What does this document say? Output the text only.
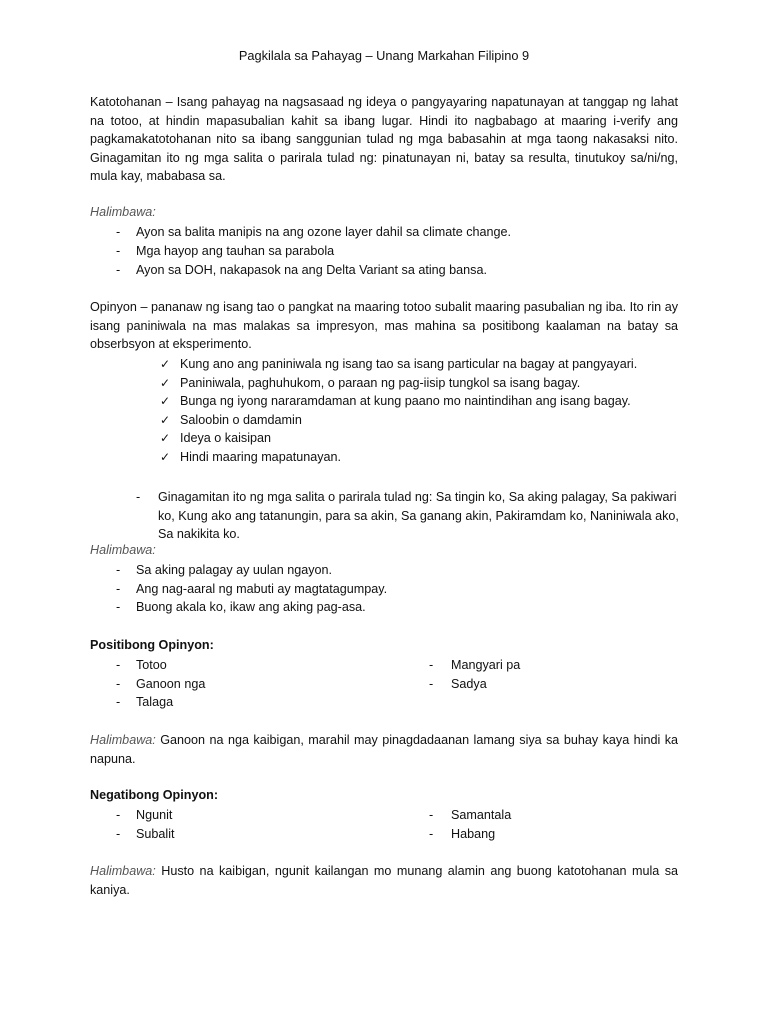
Pagkilala sa Pahayag – Unang Markahan Filipino 9
Katotohanan – Isang pahayag na nagsasaad ng ideya o pangyayaring napatunayan at tanggap ng lahat na totoo, at hindin mapasubalian kahit sa ibang lugar. Hindi ito nagbabago at maaring i-verify ang pagkamakatotohanan nito sa ibang sanggunian tulad ng mga babasahin at mga taong nakasaksi nito. Ginagamitan ito ng mga salita o parirala tulad ng: pinatunayan ni, batay sa resulta, tinutukoy sa/ni/ng, mula kay, mababasa sa.
Halimbawa:
- Ayon sa balita manipis na ang ozone layer dahil sa climate change.
- Mga hayop ang tauhan sa parabola
- Ayon sa DOH, nakapasok na ang Delta Variant sa ating bansa.
Opinyon – pananaw ng isang tao o pangkat na maaring totoo subalit maaring pasubalian ng iba. Ito rin ay isang paniniwala na mas malakas sa impresyon, mas mahina sa positibong kaalaman na batay sa obserbsyon at eksperimento.
✓ Kung ano ang paniniwala ng isang tao sa isang particular na bagay at pangyayari.
✓ Paniniwala, paghuhukom, o paraan ng pag-iisip tungkol sa isang bagay.
✓ Bunga ng iyong nararamdaman at kung paano mo naintindihan ang isang bagay.
✓ Saloobin o damdamin
✓ Ideya o kaisipan
✓ Hindi maaring mapatunayan.
- Ginagamitan ito ng mga salita o parirala tulad ng: Sa tingin ko, Sa aking palagay, Sa pakiwari
ko, Kung ako ang tatanungin, para sa akin, Sa ganang akin, Pakiramdam ko, Naniniwala ako,
Sa nakikita ko.
Halimbawa:
- Sa aking palagay ay uulan ngayon.
- Ang nag-aaral ng mabuti ay magtatagumpay.
- Buong akala ko, ikaw ang aking pag-asa.
Positibong Opinyon:
- Totoo
- Ganoon nga
- Talaga
- Mangyari pa
- Sadya
Halimbawa: Ganoon na nga kaibigan, marahil may pinagdadaanan lamang siya sa buhay kaya hindi ka napuna.
Negatibong Opinyon:
- Ngunit
- Subalit
- Samantala
- Habang
Halimbawa: Husto na kaibigan, ngunit kailangan mo munang alamin ang buong katotohanan mula sa kaniya.
